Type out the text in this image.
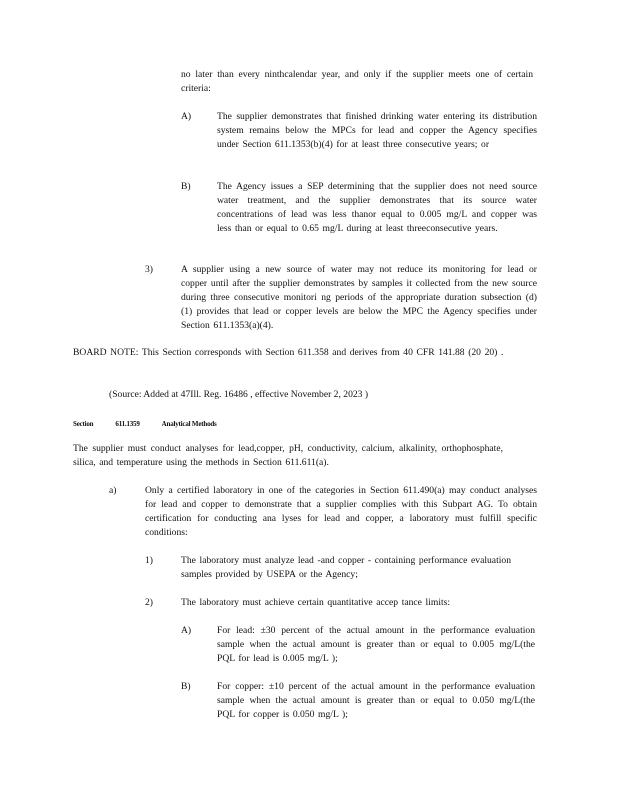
no later than every ninthcalendar year, and only if the supplier meets one of certain criteria:

A)	The supplier demonstrates that finished drinking water entering its distribution system remains below the MPCs for lead and copper the Agency specifies under Section 611.1353(b)(4) for at least three consecutive years; or

B)	The Agency issues a SEP determining that the supplier does not need source water treatment, and the supplier demonstrates that its source water concentrations of lead was less thanor equal to 0.005 mg/L and copper was less than or equal to 0.65 mg/L during at least threeconsecutive years.

3)	A supplier using a new source of water may not reduce its monitoring for lead or copper until after the supplier demonstrates by samples it collected from the new source during three consecutive monitori ng periods of the appropriate duration subsection (d)(1) provides that lead or copper levels are below the MPC the Agency specifies under Section 611.1353(a)(4).

BOARD NOTE: This Section corresponds with Section 611.358 and derives from 40 CFR 141.88 (20 20) .

(Source: Added at 47Ill. Reg. 16486 , effective November 2, 2023 )

Section	611.1359	Analytical Methods

The supplier must conduct analyses for lead,copper, pH, conductivity, calcium, alkalinity, orthophosphate, silica, and temperature using the methods in Section 611.611(a).

a)	Only a certified laboratory in one of the categories in Section 611.490(a) may conduct analyses for lead and copper to demonstrate that a supplier complies with this Subpart AG. To obtain certification for conducting ana lyses for lead and copper, a laboratory must fulfill specific conditions:

1)	The laboratory must analyze lead -and copper - containing performance evaluation samples provided by USEPA or the Agency;

2)	The laboratory must achieve certain quantitative accep tance limits:

A)	For lead: ±30 percent of the actual amount in the performance evaluation sample when the actual amount is greater than or equal to 0.005 mg/L(the PQL for lead is 0.005 mg/L );

B)	For copper: ±10 percent of the actual amount in the performance evaluation sample when the actual amount is greater than or equal to 0.050 mg/L(the PQL for copper is 0.050 mg/L );
